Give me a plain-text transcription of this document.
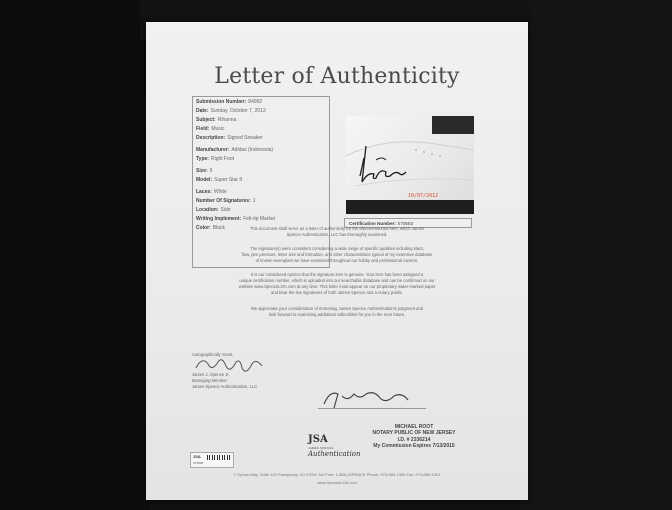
Letter of Authenticity
Submission Number: 84992
Date: Sunday, October 7, 2012
Subject: Rihanna
Field: Music
Description: Signed Sneaker
Manufacturer: Adidas (Indonesia)
Type: Right Foot
Size: 9
Model: Super Star II
Laces: White
Number Of Signatures: 1
Location: Side
Writing Implement: Felt-tip Marker
Color: Black
10/07/2012
Certification Number: X70583
This document shall serve as a letter of authenticity for the aforementioned item, which James
Spence Authentication, LLC has thoroughly examined.
The signature(s) were consistent considering a wide range of specific qualities including slant,
flow, pen pressure, letter size and formation, and other characteristics typical of my extensive database
of known exemplars we have examined throughout our hobby and professional careers.
It is our considered opinion that the signature item is genuine. Your item has been assigned a
unique certification number, which is uploaded into our searchable database and can be confirmed on our
website www.SpenceLOA.com at any time. This letter must appear on our proprietary water-marked paper
and bear the live signatures of both James Spence and a notary public.
We appreciate your consideration of entrusting James Spence Authentication's judgment and
look forward to examining additional collectibles for you in the near future.
Autographically Yours,
James J. Spence Jr.
Managing Member
James Spence Authentication, LLC

MICHAEL ROOT
NOTARY PUBLIC OF NEW JERSEY
I.D. # 2336214
My Commission Expires 7/13/2015
JSA
X70583
JSA
JAMES SPENCE
Authentication
2 Sylvan Way, Suite 102 Parsippany, NJ 07054 Toll Free: 1-888-JSPENCE Phone: 973-889-1300 Fax: 973-889-1301
www.SpenceLOA.com
